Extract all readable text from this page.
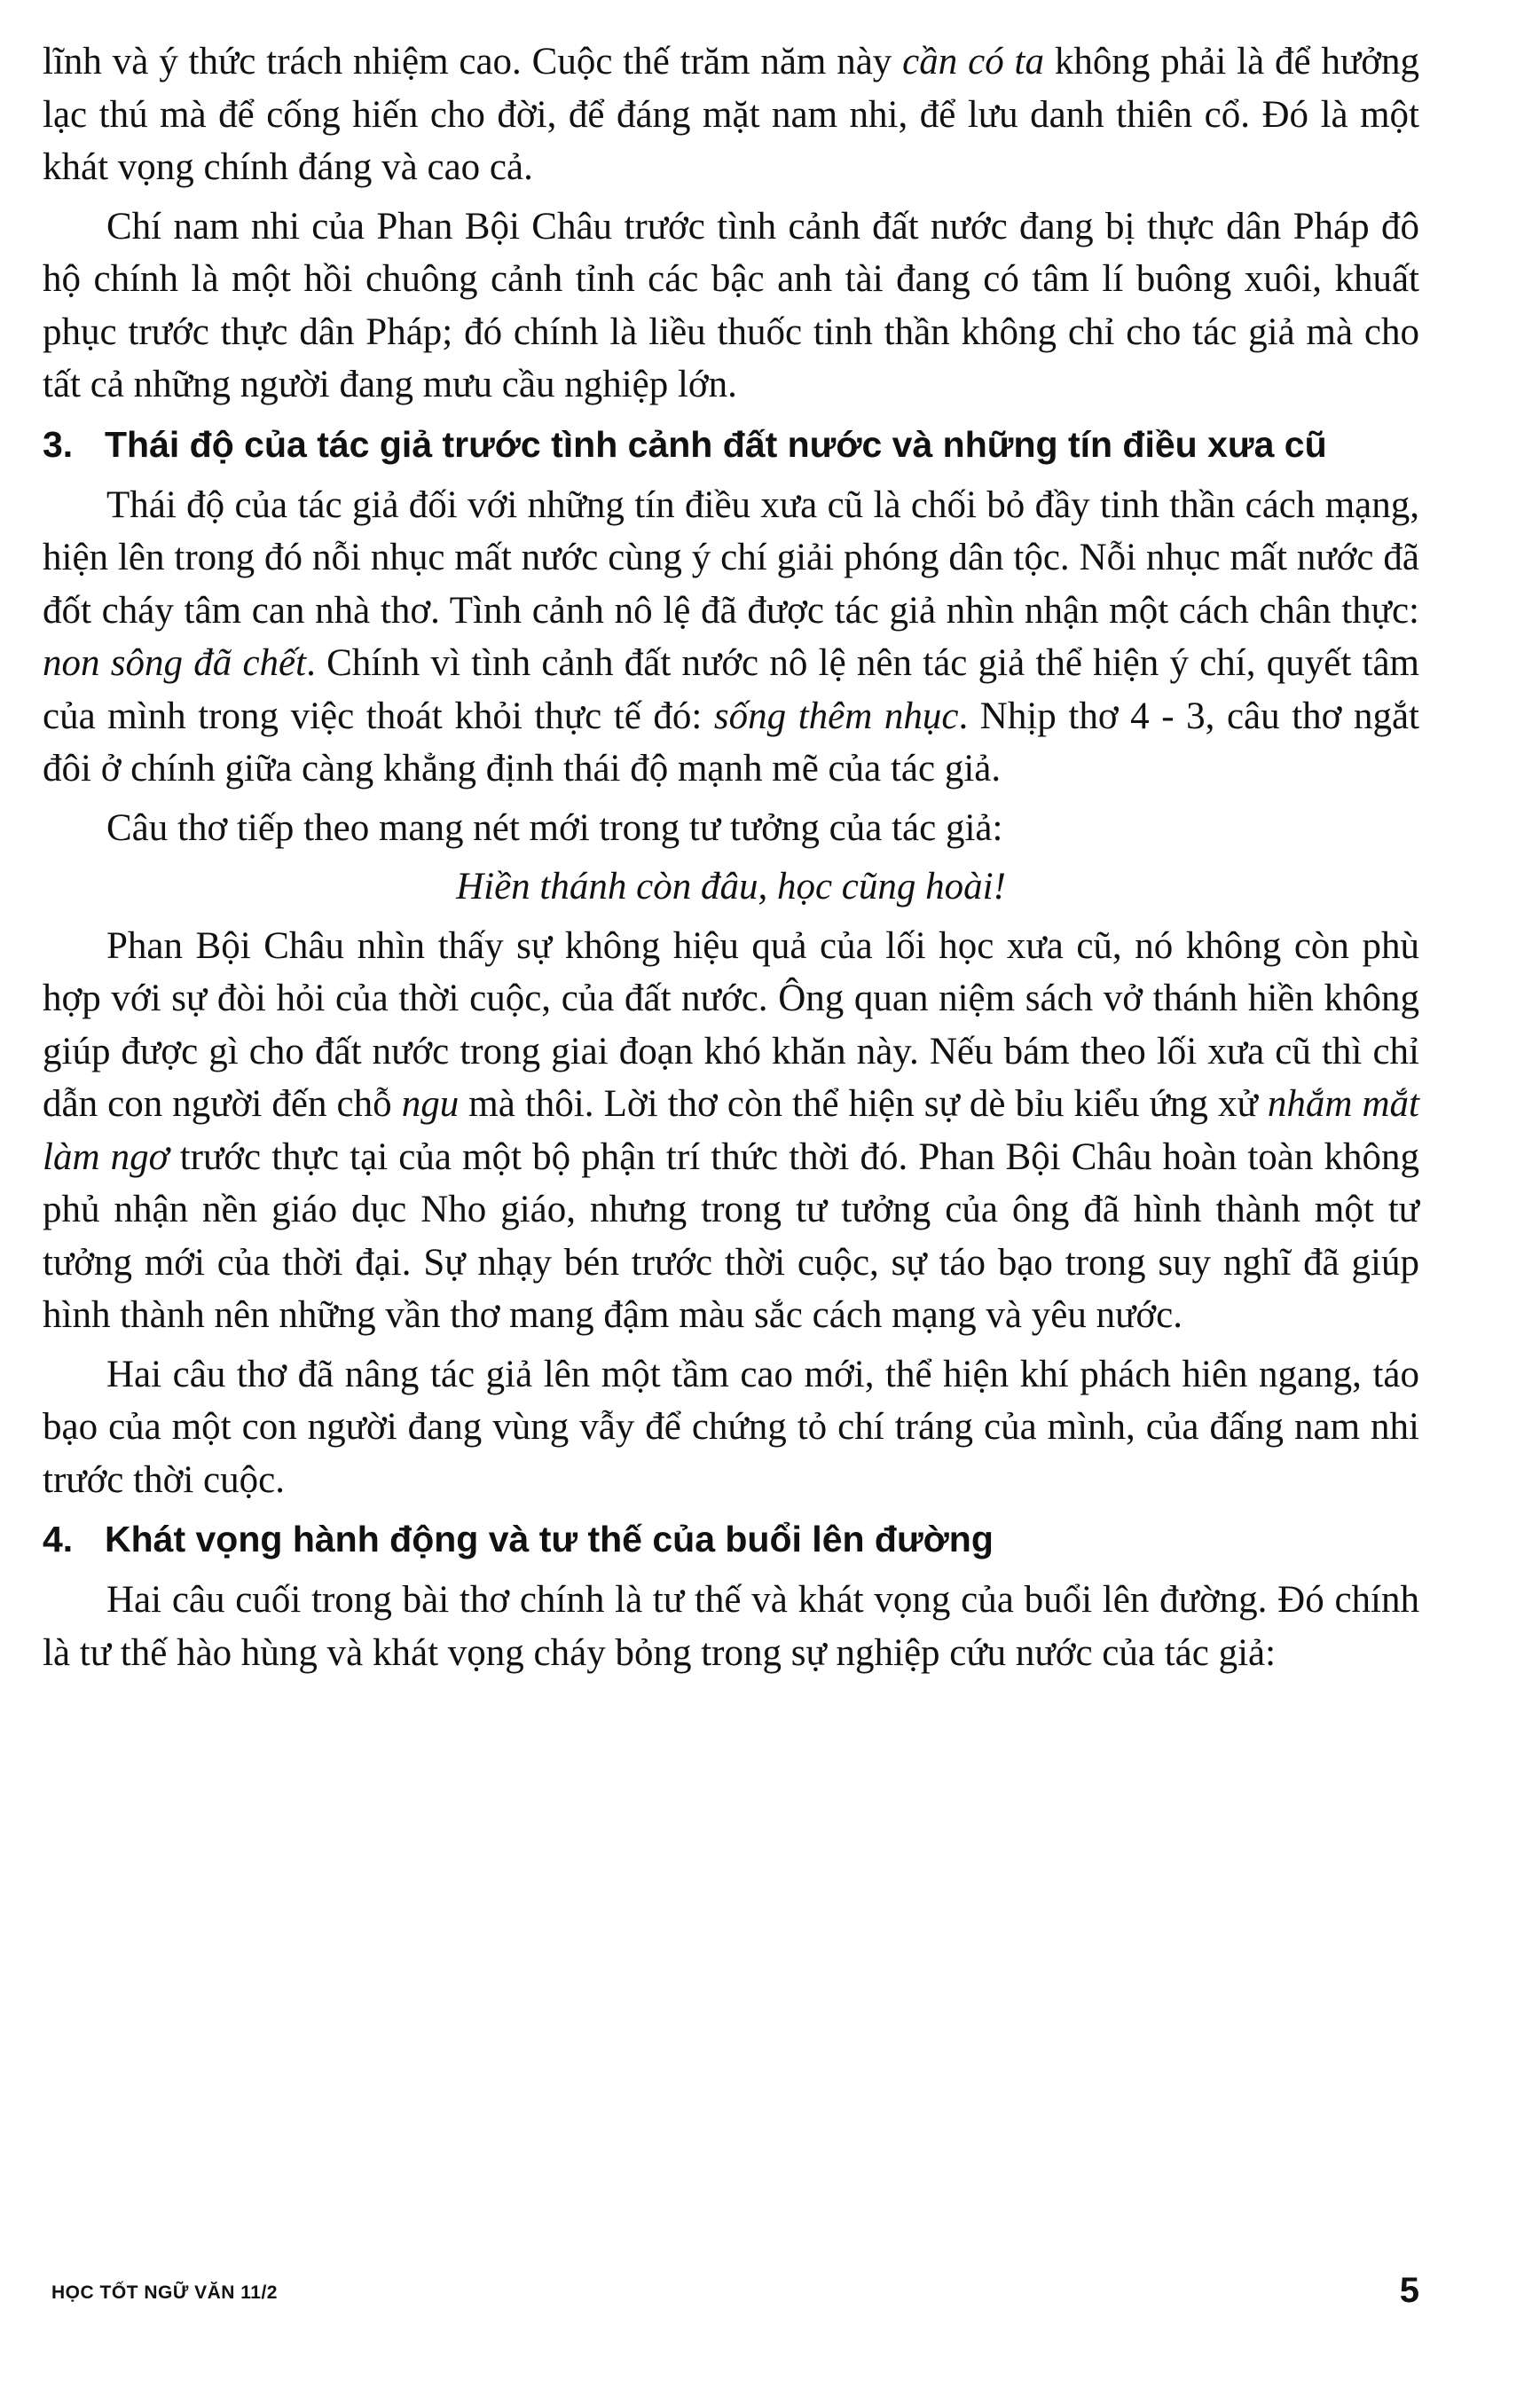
lĩnh và ý thức trách nhiệm cao. Cuộc thế trăm năm này cần có ta không phải là để hưởng lạc thú mà để cống hiến cho đời, để đáng mặt nam nhi, để lưu danh thiên cổ. Đó là một khát vọng chính đáng và cao cả.

Chí nam nhi của Phan Bội Châu trước tình cảnh đất nước đang bị thực dân Pháp đô hộ chính là một hồi chuông cảnh tỉnh các bậc anh tài đang có tâm lí buông xuôi, khuất phục trước thực dân Pháp; đó chính là liều thuốc tinh thần không chỉ cho tác giả mà cho tất cả những người đang mưu cầu nghiệp lớn.

3. Thái độ của tác giả trước tình cảnh đất nước và những tín điều xưa cũ

Thái độ của tác giả đối với những tín điều xưa cũ là chối bỏ đầy tinh thần cách mạng, hiện lên trong đó nỗi nhục mất nước cùng ý chí giải phóng dân tộc. Nỗi nhục mất nước đã đốt cháy tâm can nhà thơ. Tình cảnh nô lệ đã được tác giả nhìn nhận một cách chân thực: non sông đã chết. Chính vì tình cảnh đất nước nô lệ nên tác giả thể hiện ý chí, quyết tâm của mình trong việc thoát khỏi thực tế đó: sống thêm nhục. Nhịp thơ 4 - 3, câu thơ ngắt đôi ở chính giữa càng khẳng định thái độ mạnh mẽ của tác giả.

Câu thơ tiếp theo mang nét mới trong tư tưởng của tác giả:

Hiền thánh còn đâu, học cũng hoài!

Phan Bội Châu nhìn thấy sự không hiệu quả của lối học xưa cũ, nó không còn phù hợp với sự đòi hỏi của thời cuộc, của đất nước. Ông quan niệm sách vở thánh hiền không giúp được gì cho đất nước trong giai đoạn khó khăn này. Nếu bám theo lối xưa cũ thì chỉ dẫn con người đến chỗ ngu mà thôi. Lời thơ còn thể hiện sự dè bỉu kiểu ứng xử nhắm mắt làm ngơ trước thực tại của một bộ phận trí thức thời đó. Phan Bội Châu hoàn toàn không phủ nhận nền giáo dục Nho giáo, nhưng trong tư tưởng của ông đã hình thành một tư tưởng mới của thời đại. Sự nhạy bén trước thời cuộc, sự táo bạo trong suy nghĩ đã giúp hình thành nên những vần thơ mang đậm màu sắc cách mạng và yêu nước.

Hai câu thơ đã nâng tác giả lên một tầm cao mới, thể hiện khí phách hiên ngang, táo bạo của một con người đang vùng vẫy để chứng tỏ chí tráng của mình, của đấng nam nhi trước thời cuộc.

4. Khát vọng hành động và tư thế của buổi lên đường

Hai câu cuối trong bài thơ chính là tư thế và khát vọng của buổi lên đường. Đó chính là tư thế hào hùng và khát vọng cháy bỏng trong sự nghiệp cứu nước của tác giả:

HỌC TỐT NGỮ VĂN 11/2	5
